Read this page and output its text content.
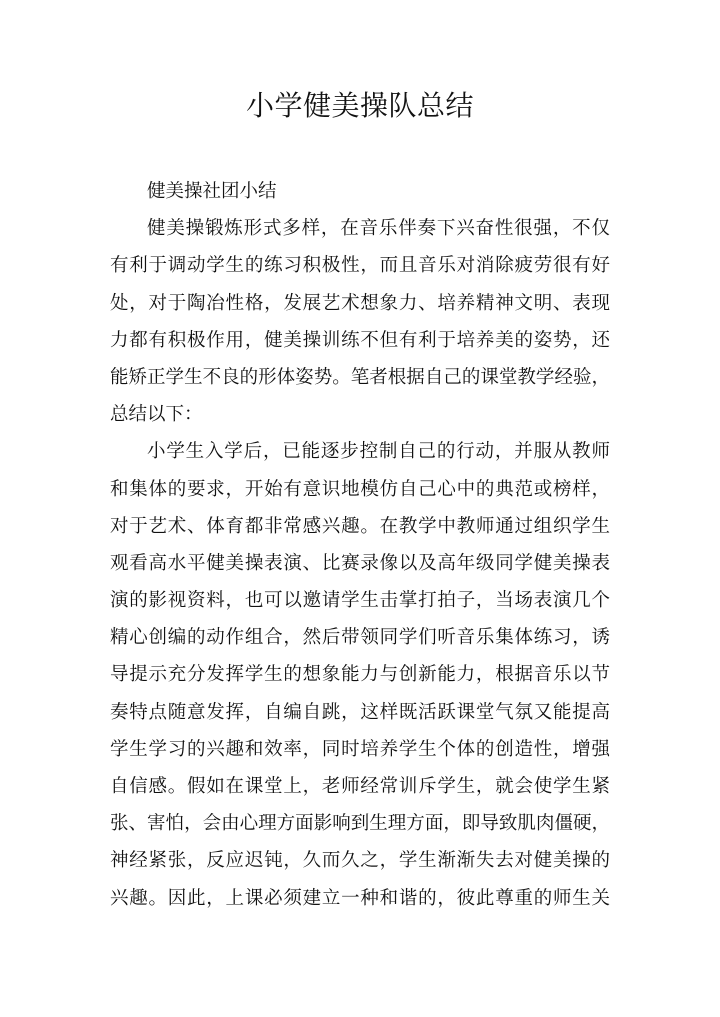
小学健美操队总结
健美操社团小结
健美操锻炼形式多样，在音乐伴奏下兴奋性很强，不仅
有利于调动学生的练习积极性，而且音乐对消除疲劳很有好
处，对于陶冶性格，发展艺术想象力、培养精神文明、表现
力都有积极作用，健美操训练不但有利于培养美的姿势，还
能矫正学生不良的形体姿势。笔者根据自己的课堂教学经验，
总结以下：
小学生入学后，已能逐步控制自己的行动，并服从教师
和集体的要求，开始有意识地模仿自己心中的典范或榜样，
对于艺术、体育都非常感兴趣。在教学中教师通过组织学生
观看高水平健美操表演、比赛录像以及高年级同学健美操表
演的影视资料，也可以邀请学生击掌打拍子，当场表演几个
精心创编的动作组合，然后带领同学们听音乐集体练习，诱
导提示充分发挥学生的想象能力与创新能力，根据音乐以节
奏特点随意发挥，自编自跳，这样既活跃课堂气氛又能提高
学生学习的兴趣和效率，同时培养学生个体的创造性，增强
自信感。假如在课堂上，老师经常训斥学生，就会使学生紧
张、害怕，会由心理方面影响到生理方面，即导致肌肉僵硬，
神经紧张，反应迟钝，久而久之，学生渐渐失去对健美操的
兴趣。因此，上课必须建立一种和谐的，彼此尊重的师生关
